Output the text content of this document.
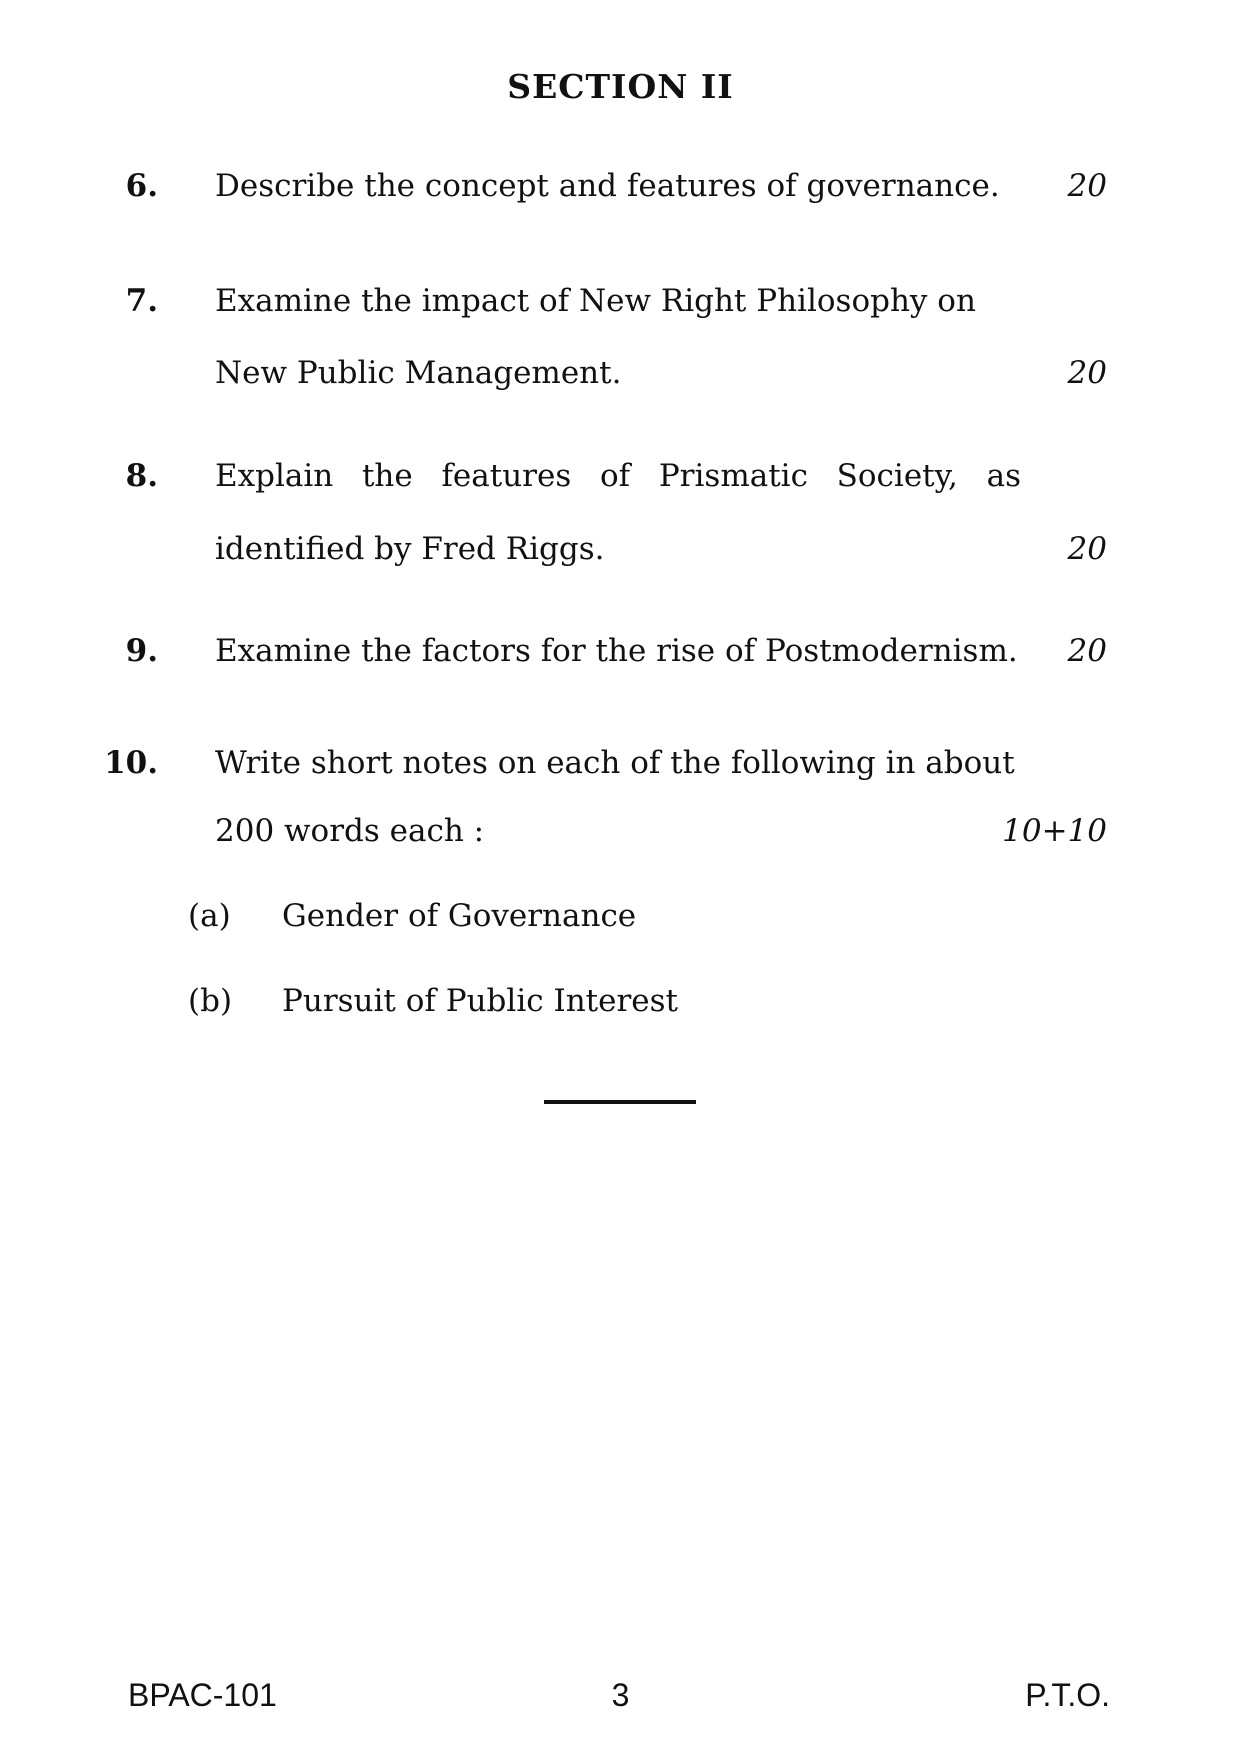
SECTION II
6. Describe the concept and features of governance.	20
7. Examine the impact of New Right Philosophy on
New Public Management.	20
8. Explain the features of Prismatic Society, as
identified by Fred Riggs.	20
9. Examine the factors for the rise of Postmodernism. 20
10. Write short notes on each of the following in about
200 words each :	10+10
(a) Gender of Governance
(b) Pursuit of Public Interest
BPAC-101	3	P.T.O.
